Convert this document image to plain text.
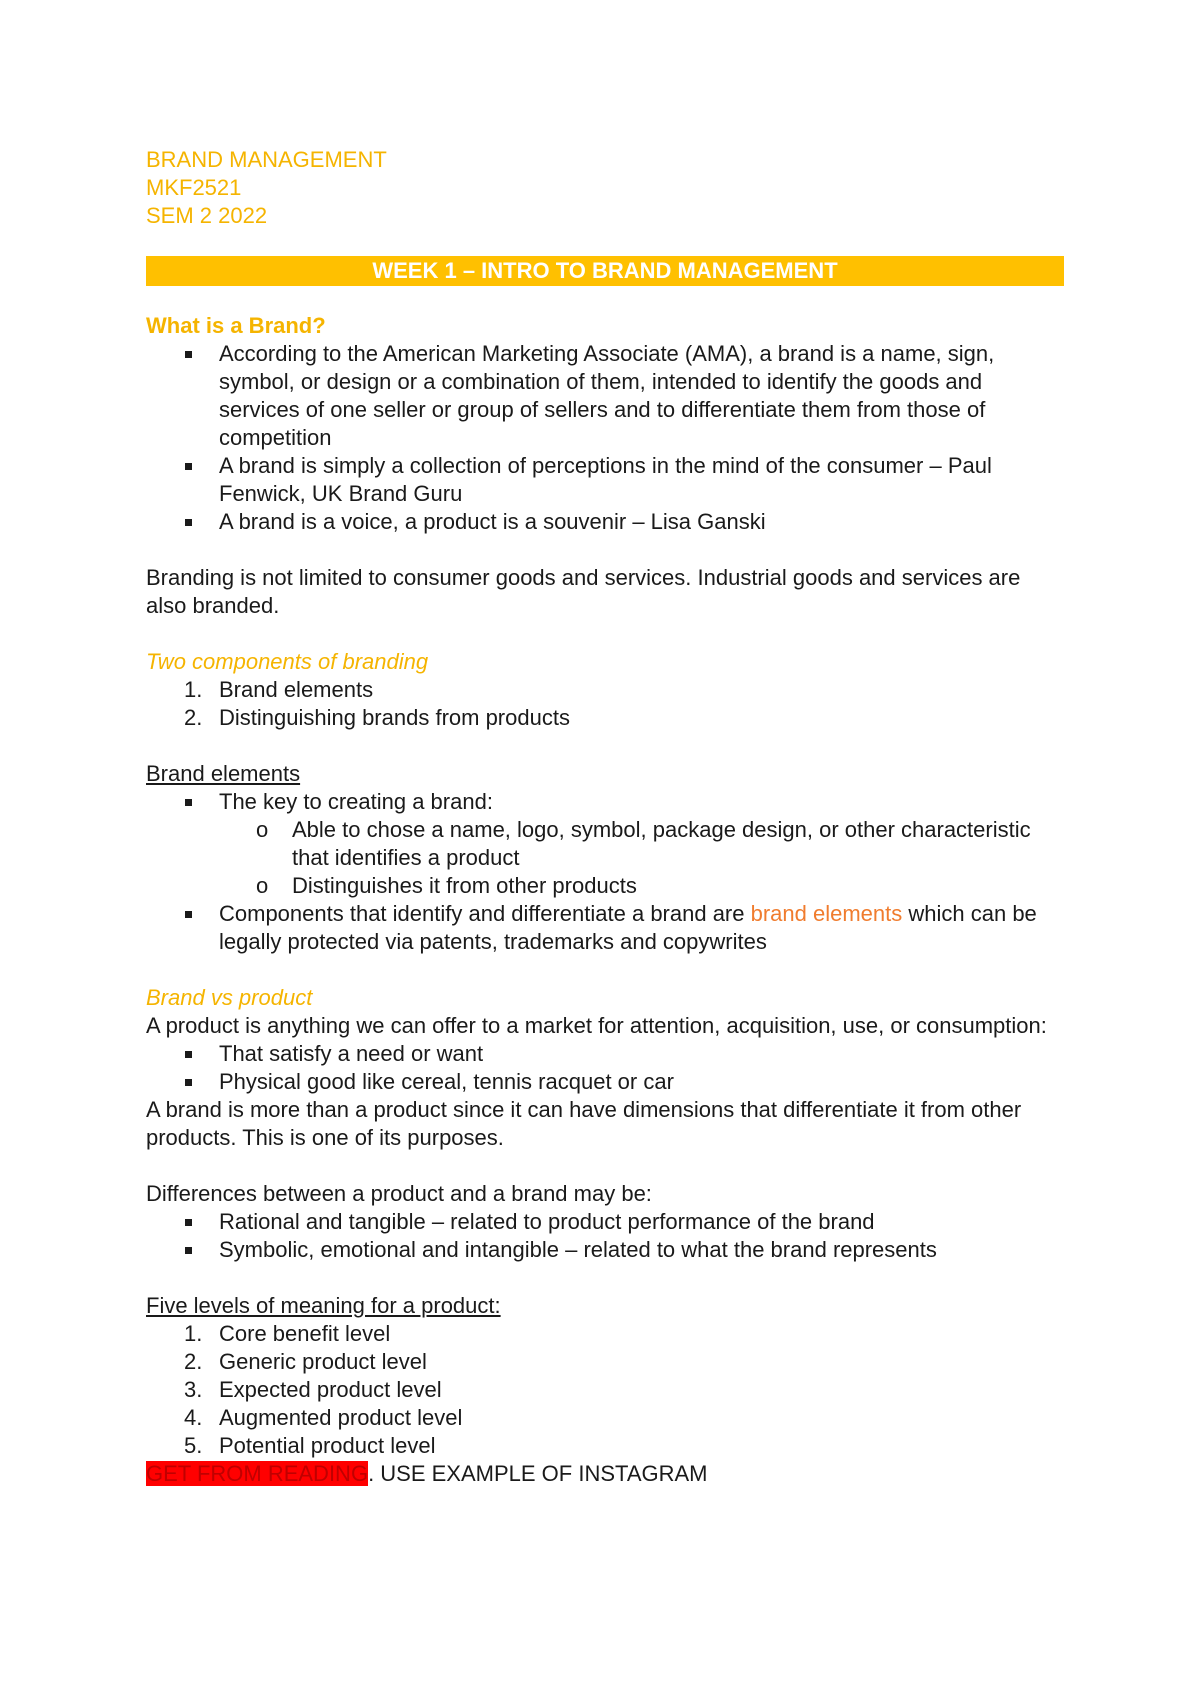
BRAND MANAGEMENT
MKF2521
SEM 2 2022
WEEK 1 – INTRO TO BRAND MANAGEMENT
What is a Brand?
According to the American Marketing Associate (AMA), a brand is a name, sign, symbol, or design or a combination of them, intended to identify the goods and services of one seller or group of sellers and to differentiate them from those of competition
A brand is simply a collection of perceptions in the mind of the consumer – Paul Fenwick, UK Brand Guru
A brand is a voice, a product is a souvenir – Lisa Ganski

Branding is not limited to consumer goods and services. Industrial goods and services are also branded.

Two components of branding
1. Brand elements
2. Distinguishing brands from products
Brand elements
The key to creating a brand:
o Able to chose a name, logo, symbol, package design, or other characteristic that identifies a product
o Distinguishes it from other products
Components that identify and differentiate a brand are brand elements which can be legally protected via patents, trademarks and copywrites
Brand vs product

A product is anything we can offer to a market for attention, acquisition, use, or consumption:

That satisfy a need or want
Physical good like cereal, tennis racquet or car

A brand is more than a product since it can have dimensions that differentiate it from other products. This is one of its purposes.

Differences between a product and a brand may be:

Rational and tangible – related to product performance of the brand
Symbolic, emotional and intangible – related to what the brand represents
Five levels of meaning for a product:
1. Core benefit level
2. Generic product level
3. Expected product level
4. Augmented product level
5. Potential product level

GET FROM READING. USE EXAMPLE OF INSTAGRAM
